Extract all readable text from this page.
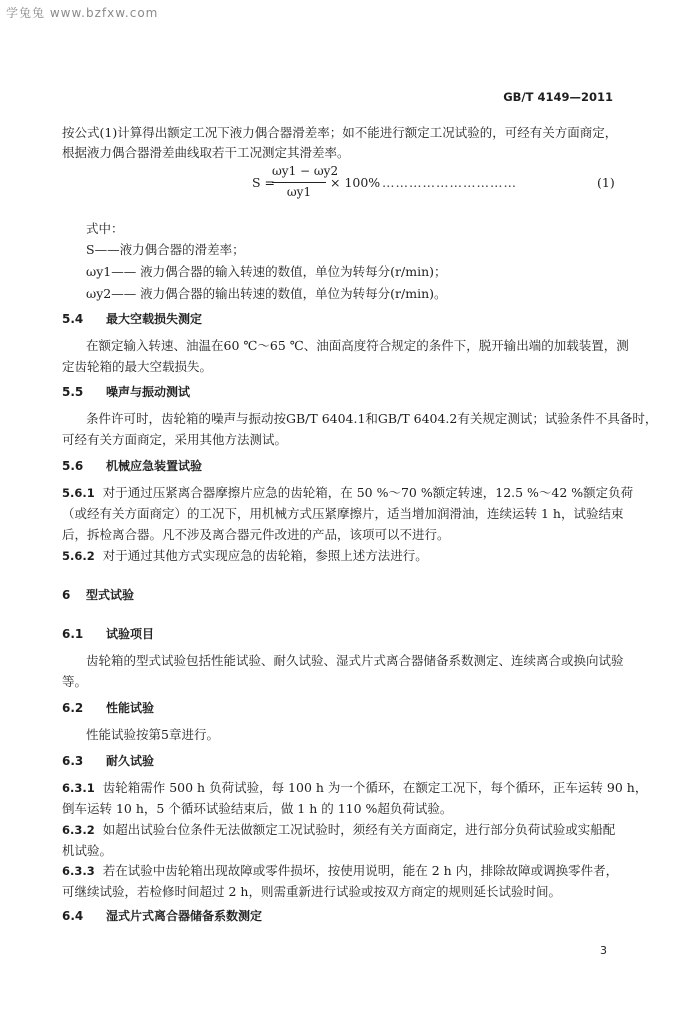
学兔兔 www.bzfxw.com
GB/T 4149—2011
按公式(1)计算得出额定工况下液力偶合器滑差率；如不能进行额定工况试验的，可经有关方面商定，
根据液力偶合器滑差曲线取若干工况测定其滑差率。
S =
ωy1 − ωy2
ωy1
× 100% …………………………	(1)
式中：
S——液力偶合器的滑差率；
ωy1—— 液力偶合器的输入转速的数值，单位为转每分(r/min)；
ωy2—— 液力偶合器的输出转速的数值，单位为转每分(r/min)。
5.4 最大空载损失测定
在额定输入转速、油温在60 ℃～65 ℃、油面高度符合规定的条件下，脱开输出端的加载装置，测
定齿轮箱的最大空载损失。
5.5 噪声与振动测试
条件许可时，齿轮箱的噪声与振动按GB/T 6404.1和GB/T 6404.2有关规定测试；试验条件不具备时，
可经有关方面商定，采用其他方法测试。
5.6 机械应急装置试验
5.6.1 对于通过压紧离合器摩擦片应急的齿轮箱，在 50 %～70 %额定转速，12.5 %～42 %额定负荷
（或经有关方面商定）的工况下，用机械方式压紧摩擦片，适当增加润滑油，连续运转 1 h，试验结束
后，拆检离合器。凡不涉及离合器元件改进的产品，该项可以不进行。
5.6.2 对于通过其他方式实现应急的齿轮箱，参照上述方法进行。
6 型式试验
6.1 试验项目
齿轮箱的型式试验包括性能试验、耐久试验、湿式片式离合器储备系数测定、连续离合或换向试验
等。
6.2 性能试验
性能试验按第5章进行。
6.3 耐久试验
6.3.1 齿轮箱需作 500 h 负荷试验，每 100 h 为一个循环，在额定工况下，每个循环，正车运转 90 h，
倒车运转 10 h，5 个循环试验结束后，做 1 h 的 110 %超负荷试验。
6.3.2 如超出试验台位条件无法做额定工况试验时，须经有关方面商定，进行部分负荷试验或实船配
机试验。
6.3.3 若在试验中齿轮箱出现故障或零件损坏，按使用说明，能在 2 h 内，排除故障或调换零件者，
可继续试验，若检修时间超过 2 h，则需重新进行试验或按双方商定的规则延长试验时间。
6.4 湿式片式离合器储备系数测定
3
